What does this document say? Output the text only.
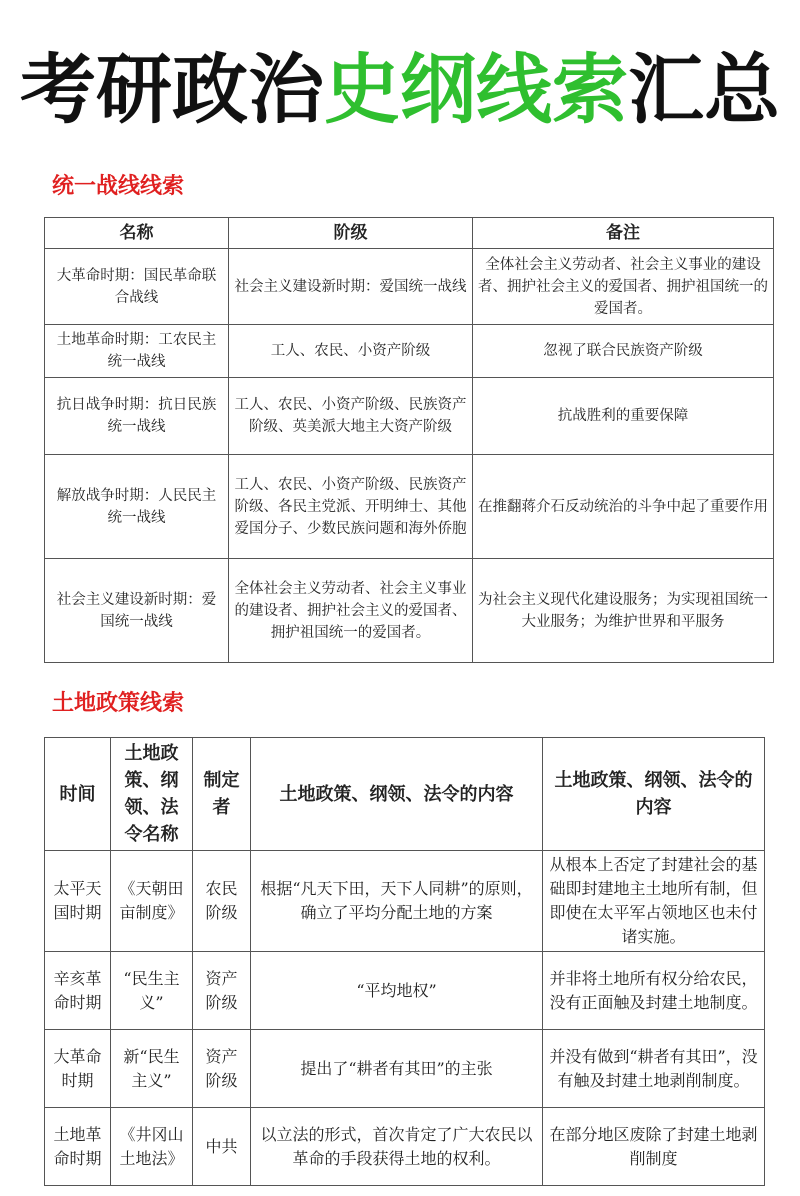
考研政治史纲线索汇总
统一战线线索
名称	阶级	备注
大革命时期：国民革命联合战线	社会主义建设新时期：爱国统一战线	全体社会主义劳动者、社会主义事业的建设者、拥护社会主义的爱国者、拥护祖国统一的爱国者。
土地革命时期：工农民主统一战线	工人、农民、小资产阶级	忽视了联合民族资产阶级
抗日战争时期：抗日民族统一战线	工人、农民、小资产阶级、民族资产阶级、英美派大地主大资产阶级	抗战胜利的重要保障
解放战争时期：人民民主统一战线	工人、农民、小资产阶级、民族资产阶级、各民主党派、开明绅士、其他爱国分子、少数民族问题和海外侨胞	在推翻蒋介石反动统治的斗争中起了重要作用
社会主义建设新时期：爱国统一战线	全体社会主义劳动者、社会主义事业的建设者、拥护社会主义的爱国者、拥护祖国统一的爱国者。	为社会主义现代化建设服务；为实现祖国统一大业服务；为维护世界和平服务
土地政策线索
时间	土地政策、纲领、法令名称	制定者	土地政策、纲领、法令的内容	土地政策、纲领、法令的内容
太平天国时期	《天朝田亩制度》	农民阶级	根据“凡天下田，天下人同耕”的原则，确立了平均分配土地的方案	从根本上否定了封建社会的基础即封建地主土地所有制，但即使在太平军占领地区也未付诸实施。
辛亥革命时期	“民生主义”	资产阶级	“平均地权”	并非将土地所有权分给农民，没有正面触及封建土地制度。
大革命时期	新“民生主义”	资产阶级	提出了“耕者有其田”的主张	并没有做到“耕者有其田”，没有触及封建土地剥削制度。
土地革命时期	《井冈山土地法》	中共	以立法的形式，首次肯定了广大农民以革命的手段获得土地的权利。	在部分地区废除了封建土地剥削制度
